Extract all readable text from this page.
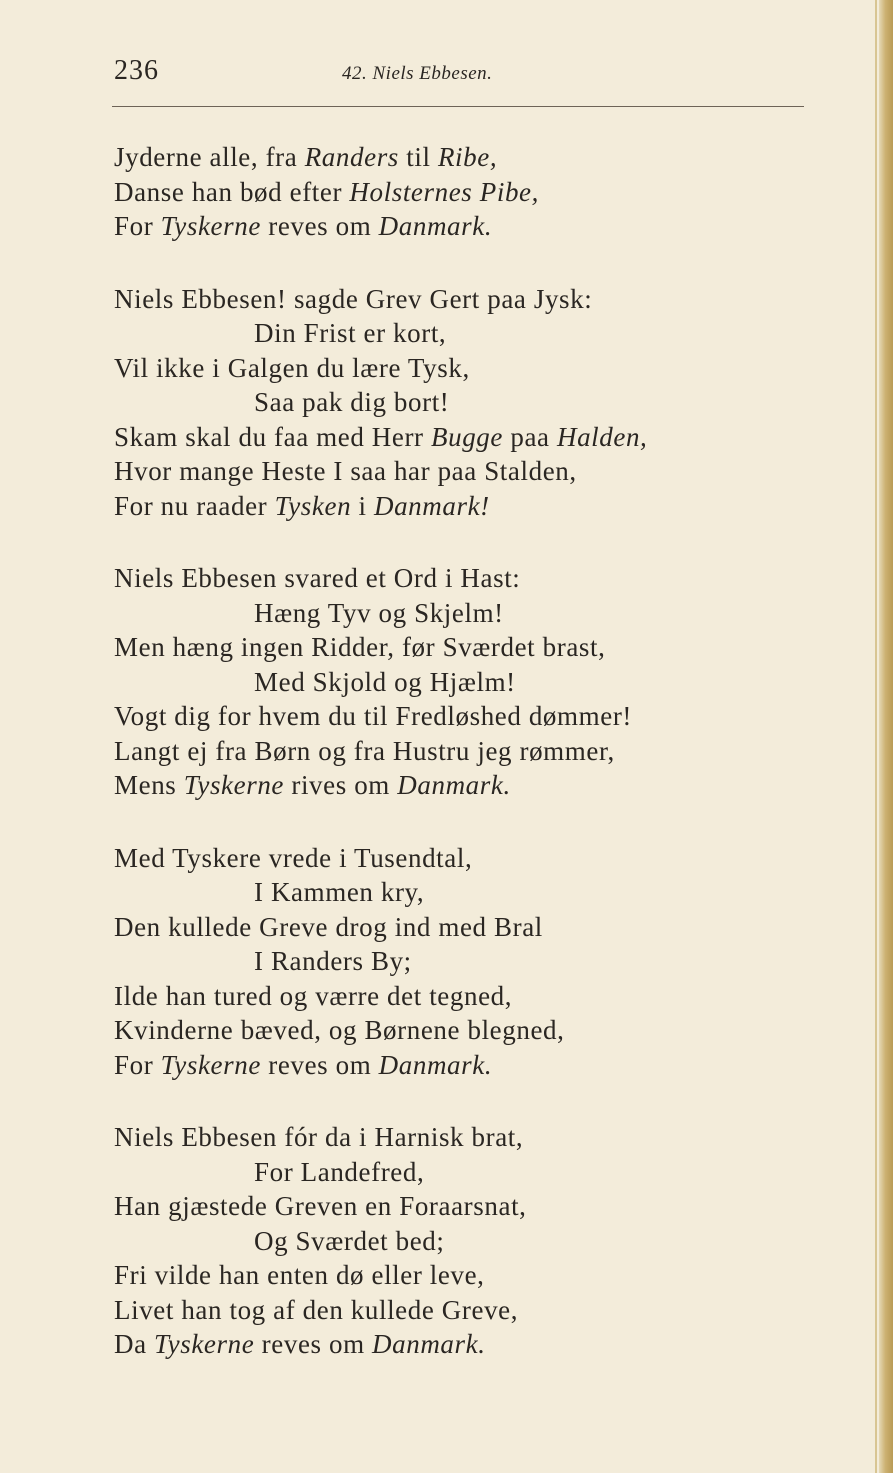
236	42. Niels Ebbesen.
Jyderne alle, fra Randers til Ribe,
Danse han bød efter Holsternes Pibe,
For Tyskerne reves om Danmark.
Niels Ebbesen! sagde Grev Gert paa Jysk:
Din Frist er kort,
Vil ikke i Galgen du lære Tysk,
Saa pak dig bort!
Skam skal du faa med Herr Bugge paa Halden,
Hvor mange Heste I saa har paa Stalden,
For nu raader Tysken i Danmark!
Niels Ebbesen svared et Ord i Hast:
Hæng Tyv og Skjelm!
Men hæng ingen Ridder, før Sværdet brast,
Med Skjold og Hjælm!
Vogt dig for hvem du til Fredløshed dømmer!
Langt ej fra Børn og fra Hustru jeg rømmer,
Mens Tyskerne rives om Danmark.
Med Tyskere vrede i Tusendtal,
I Kammen kry,
Den kullede Greve drog ind med Bral
I Randers By;
Ilde han tured og værre det tegned,
Kvinderne bæved, og Børnene blegned,
For Tyskerne reves om Danmark.
Niels Ebbesen fór da i Harnisk brat,
For Landefred,
Han gjæstede Greven en Foraarsnat,
Og Sværdet bed;
Fri vilde han enten dø eller leve,
Livet han tog af den kullede Greve,
Da Tyskerne reves om Danmark.
